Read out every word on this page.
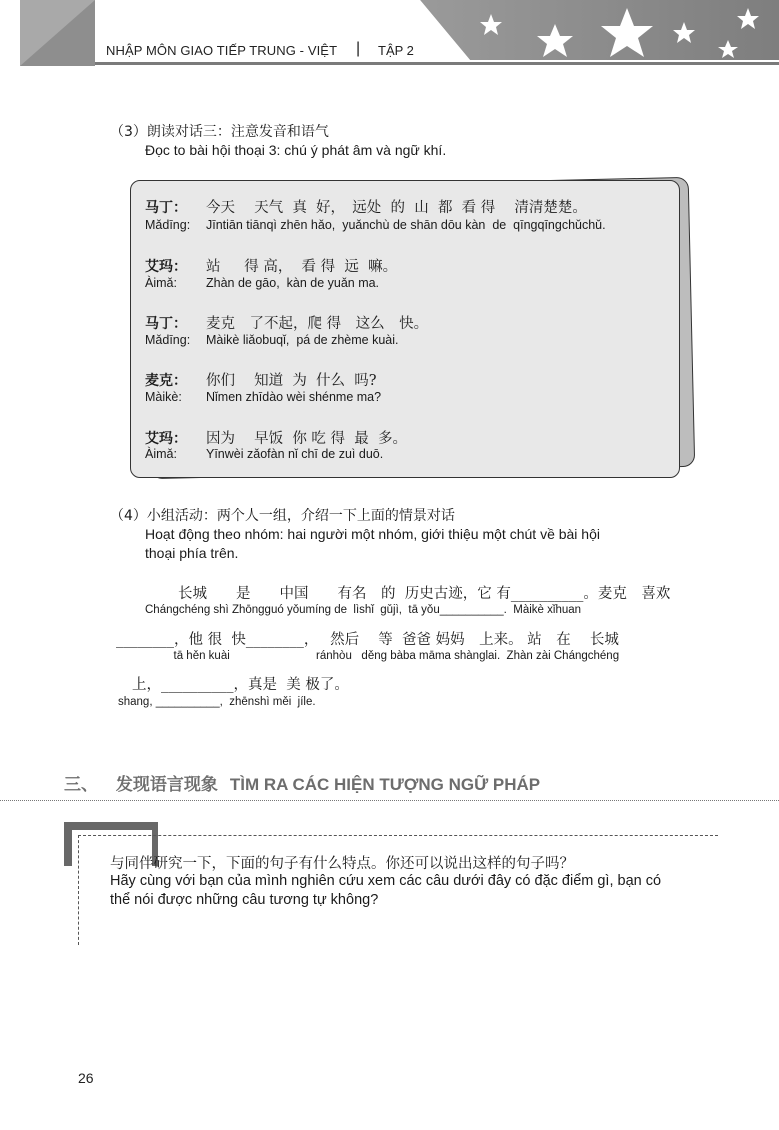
NHẬP MÔN GIAO TIẾP TRUNG - VIỆT | TẬP 2
（3）朗读对话三：注意发音和语气
Đọc to bài hội thoại 3: chú ý phát âm và ngữ khí.
马丁：
Mǎdīng:
今天　 天气  真  好，　远处  的  山  都  看 得　 清清楚楚。
Jīntiān tiānqì zhēn hǎo,  yuǎnchù de shān dōu kàn  de  qīngqīngchǔchǔ.
艾玛：
Àimǎ:
站 　 得 高，  看 得  远  嘛。
Zhàn de gāo,  kàn de yuǎn ma.
马丁：
Mǎdīng:
麦克　了不起，爬 得　这么　快。
Màikè liǎobuqǐ,  pá de zhème kuài.
麦克：
Màikè:
你们　 知道  为  什么  吗?
Nǐmen zhīdào wèi shénme ma?
艾玛：
Àimǎ:
因为　 早饭  你 吃 得  最  多。
Yīnwèi zǎofàn nǐ chī de zuì duō.
（4）小组活动：两个人一组，介绍一下上面的情景对话
Hoạt động theo nhóm: hai người một nhóm, giới thiệu một chút về bài hội
thoại phía trên.
长城　　是　　中国　　有名　的  历史古迹，它 有__________。麦克　喜欢
Chángchéng shì Zhōngguó yǒumíng de  lìshǐ  gǔjì,  tā yǒu__________.  Màikè xǐhuan
________，他 很  快________，　 然后　 等  爸爸 妈妈　上来。 站　在　 长城
tā hěn kuài                           ránhòu   děng bàba māma shànglai.  Zhàn zài Chángchéng
上，__________，真是  美 极了。
shang, __________,  zhēnshì měi  jíle.
三、 发现语言现象 TÌM RA CÁC HIỆN TƯỢNG NGỮ PHÁP
与同伴研究一下，下面的句子有什么特点。你还可以说出这样的句子吗？
Hãy cùng với bạn của mình nghiên cứu xem các câu dưới đây có đặc điểm gì, bạn có
thể nói được những câu tương tự không?
26
